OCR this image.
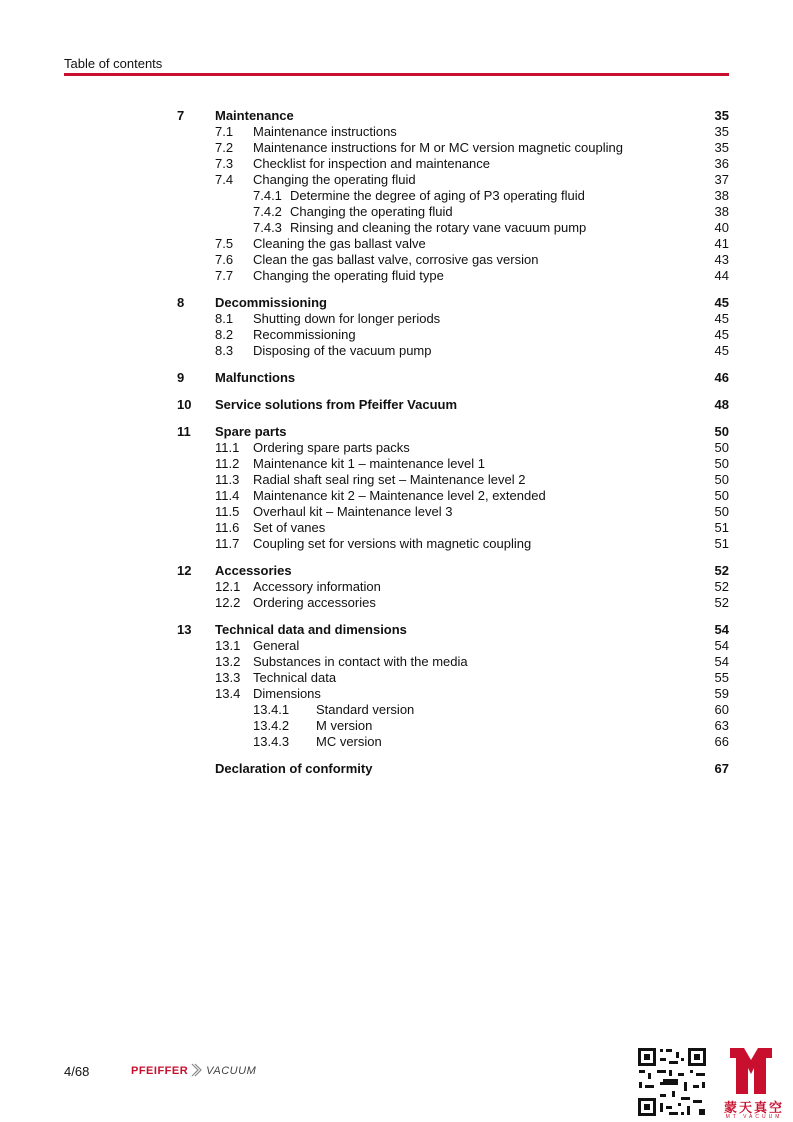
Table of contents
7 Maintenance	35
7.1 Maintenance instructions	35
7.2 Maintenance instructions for M or MC version magnetic coupling	35
7.3 Checklist for inspection and maintenance	36
7.4 Changing the operating fluid	37
7.4.1 Determine the degree of aging of P3 operating fluid	38
7.4.2 Changing the operating fluid	38
7.4.3 Rinsing and cleaning the rotary vane vacuum pump	40
7.5 Cleaning the gas ballast valve	41
7.6 Clean the gas ballast valve, corrosive gas version	43
7.7 Changing the operating fluid type	44
8 Decommissioning	45
8.1 Shutting down for longer periods	45
8.2 Recommissioning	45
8.3 Disposing of the vacuum pump	45
9 Malfunctions	46
10 Service solutions from Pfeiffer Vacuum	48
11 Spare parts	50
11.1 Ordering spare parts packs	50
11.2 Maintenance kit 1 – maintenance level 1	50
11.3 Radial shaft seal ring set – Maintenance level 2	50
11.4 Maintenance kit 2 – Maintenance level 2, extended	50
11.5 Overhaul kit – Maintenance level 3	50
11.6 Set of vanes	51
11.7 Coupling set for versions with magnetic coupling	51
12 Accessories	52
12.1 Accessory information	52
12.2 Ordering accessories	52
13 Technical data and dimensions	54
13.1 General	54
13.2 Substances in contact with the media	54
13.3 Technical data	55
13.4 Dimensions	59
13.4.1 Standard version	60
13.4.2 M version	63
13.4.3 MC version	66
Declaration of conformity	67
4/68	PFEIFFER VACUUM
蒙天真空
MT VACUUM
